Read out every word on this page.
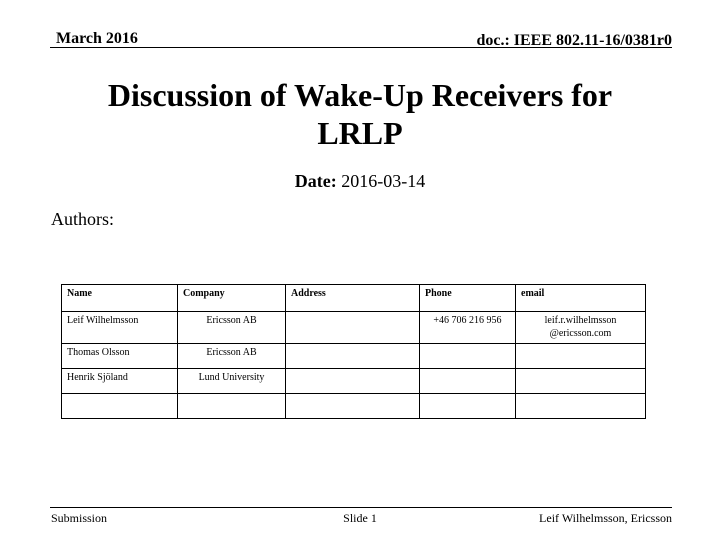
March 2016	doc.: IEEE 802.11-16/0381r0
Discussion of Wake-Up Receivers for
LRLP
Date: 2016-03-14
Authors:
Name	Company	Address	Phone	email
Leif Wilhelmsson	Ericsson AB		+46 706 216 956	leif.r.wilhelmsson
@ericsson.com

Thomas Olsson	Ericsson AB			
Henrik Sjöland	Lund University			

Submission	Slide 1	Leif Wilhelmsson, Ericsson
